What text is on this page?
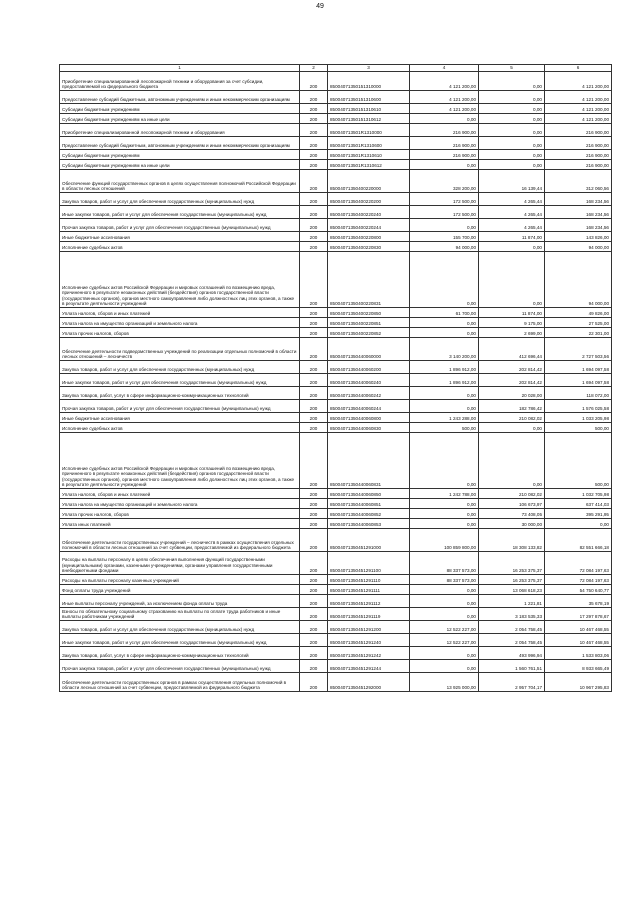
49
1	2	3	4	5	6
Приобретение специализированной лесопожарной техники и оборудования за счет субсидии, предоставляемой из федерального бюджета	200	85004071350151310000	4 121 200,00	0,00	4 121 200,00
Предоставление субсидий бюджетным, автономным учреждениям и иным некоммерческим организациям	200	85004071350151310600	4 121 200,00	0,00	4 121 200,00
Субсидии бюджетным учреждениям	200	85004071350151310610	4 121 200,00	0,00	4 121 200,00
Субсидии бюджетным учреждениям на иные цели	200	85004071350151310612	0,00	0,00	4 121 200,00
Приобретение специализированной лесопожарной техники и оборудования	200	850040713501R1310000	216 900,00	0,00	216 900,00
Предоставление субсидий бюджетным, автономным учреждениям и иным некоммерческим организациям	200	850040713501R1310600	216 900,00	0,00	216 900,00
Субсидии бюджетным учреждениям	200	850040713501R1310610	216 900,00	0,00	216 900,00
Субсидии бюджетным учреждениям на иные цели	200	850040713501R1310612	0,00	0,00	216 900,00
Обеспечение функций государственных органов в целях осуществления полномочий Российской Федерации в области лесных отношений	200	85004071350400220000	328 200,00	16 139,44	312 060,56
Закупка товаров, работ и услуг для обеспечения государственных (муниципальных) нужд	200	85004071350400220200	172 500,00	4 265,44	168 234,56
Иные закупки товаров, работ и услуг для обеспечения государственных (муниципальных) нужд	200	85004071350400220240	172 500,00	4 265,44	168 234,56
Прочая закупка товаров, работ и услуг для обеспечения государственных (муниципальных) нужд	200	85004071350400220244	0,00	4 265,44	168 234,56
Иные бюджетные ассигнования	200	85004071350400220800	155 700,00	11 874,00	143 826,00
Исполнение судебных актов	200	85004071350400220830	94 000,00	0,00	94 000,00
Исполнение судебных актов Российской Федерации и мировых соглашений по возмещению вреда, причиненного в результате незаконных действий (бездействия) органов государственной власти (государственных органов), органов местного самоуправления либо должностных лиц этих органов, а также в результате деятельности учреждений	200	85004071350400220831	0,00	0,00	94 000,00
Уплата налогов, сборов и иных платежей	200	85004071350400220850	61 700,00	11 874,00	49 826,00
Уплата налога на имущество организаций и земельного налога	200	85004071350400220851	0,00	9 175,00	27 525,00
Уплата прочих налогов, сборов	200	85004071350400220852	0,00	2 699,00	22 301,00
Обеспечение деятельности подведомственных учреждений по реализации отдельных полномочий в области лесных отношений – лесничеств	200	85004071350440060000	3 140 200,00	412 696,44	2 727 503,56
Закупка товаров, работ и услуг для обеспечения государственных (муниципальных) нужд	200	85004071350440060200	1 896 912,00	202 814,42	1 694 097,58
Иные закупки товаров, работ и услуг для обеспечения государственных (муниципальных) нужд	200	85004071350440060240	1 896 912,00	202 814,42	1 694 097,58
Закупка товаров, работ, услуг в сфере информационно-коммуникационных технологий	200	85004071350440060242	0,00	20 028,00	118 072,00
Прочая закупка товаров, работ и услуг для обеспечения государственных (муниципальных) нужд	200	85004071350440060244	0,00	182 786,42	1 576 025,58
Иные бюджетные ассигнования	200	85004071350440060800	1 243 288,00	210 082,02	1 033 205,98
Исполнение судебных актов	200	85004071350440060830	500,00	0,00	500,00
Исполнение судебных актов Российской Федерации и мировых соглашений по возмещению вреда, причиненного в результате незаконных действий (бездействия) органов государственной власти (государственных органов), органов местного самоуправления либо должностных лиц этих органов, а также в результате деятельности учреждений	200	85004071350440060831	0,00	0,00	500,00
Уплата налогов, сборов и иных платежей	200	85004071350440060850	1 242 788,00	210 082,02	1 032 705,98
Уплата налога на имущество организаций и земельного налога	200	85004071350440060851	0,00	106 673,97	637 414,03
Уплата прочих налогов, сборов	200	85004071350440060852	0,00	73 408,05	395 291,95
Уплата иных платежей	200	85004071350440060853	0,00	30 000,00	0,00
Обеспечение деятельности государственных учреждений – лесничеств в рамках осуществления отдельных полномочий в области лесных отношений за счет субвенции, предоставляемой из федерального бюджета	200	85004071350451291000	100 859 800,00	18 308 133,82	82 551 666,18
Расходы на выплаты персоналу в целях обеспечения выполнения функций государственными (муниципальными) органами, казенными учреждениями, органами управления государственными внебюджетными фондами	200	85004071350451291100	88 337 573,00	16 253 375,37	72 084 197,63
Расходы на выплаты персоналу казенных учреждений	200	85004071350451291110	88 337 573,00	16 253 375,37	72 084 197,63
Фонд оплаты труда учреждений	200	85004071350451291111	0,00	13 068 618,23	54 750 640,77
Иные выплаты персоналу учреждений, за исключением фонда оплаты труда	200	85004071350451291112	0,00	1 221,81	35 678,19
Взносы по обязательному социальному страхованию на выплаты по оплате труда работников и иные выплаты работникам учреждений	200	85004071350451291119	0,00	3 183 535,33	17 297 878,67
Закупка товаров, работ и услуг для обеспечения государственных (муниципальных) нужд	200	85004071350451291200	12 522 227,00	2 054 758,45	10 467 468,55
Иные закупки товаров, работ и услуг для обеспечения государственных (муниципальных) нужд	200	85004071350451291240	12 522 227,00	2 054 758,45	10 467 468,55
Закупка товаров, работ, услуг в сфере информационно-коммуникационных технологий	200	85004071350451291242	0,00	493 996,94	1 533 803,06
Прочая закупка товаров, работ и услуг для обеспечения государственных (муниципальных) нужд	200	85004071350451291244	0,00	1 560 761,51	8 933 665,49
Обеспечение деятельности государственных органов в рамках осуществления отдельных полномочий в области лесных отношений за счет субвенции, предоставляемой из федерального бюджета	200	85004071350451292000	13 925 000,00	2 957 704,17	10 967 295,83
